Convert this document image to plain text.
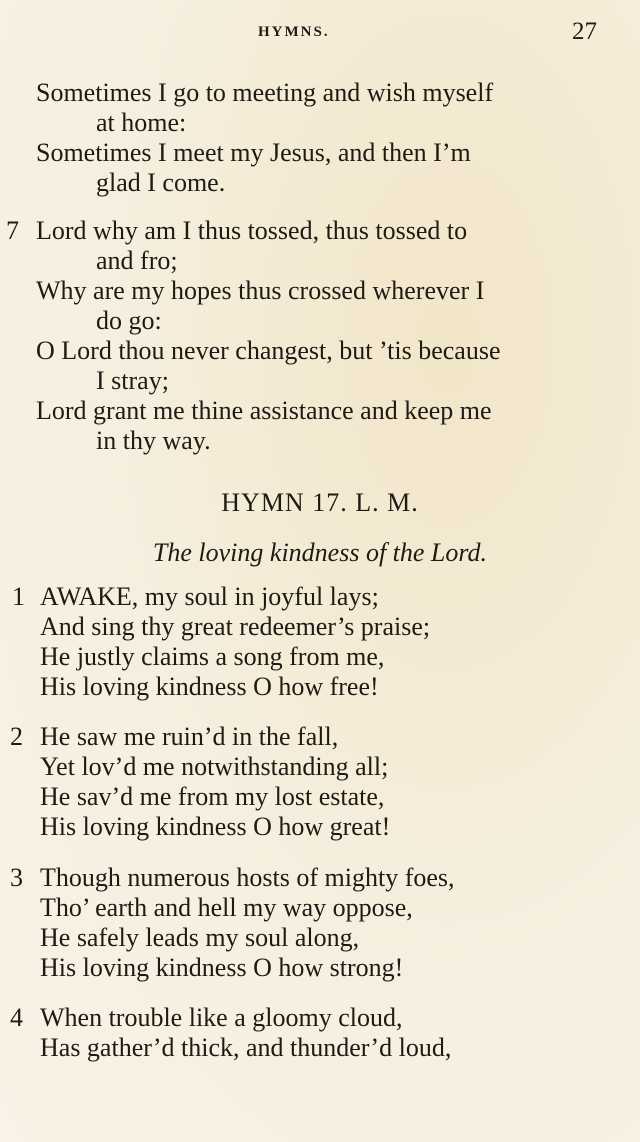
HYMNS.	27
Sometimes I go to meeting and wish myself
at home:
Sometimes I meet my Jesus, and then I’m
glad I come.
7 Lord why am I thus tossed, thus tossed to
and fro;
Why are my hopes thus crossed wherever I
do go:
O Lord thou never changest, but ’tis because
I stray;
Lord grant me thine assistance and keep me
in thy way.
HYMN 17. L. M.
The loving kindness of the Lord.
1 AWAKE, my soul in joyful lays;
And sing thy great redeemer’s praise;
He justly claims a song from me,
His loving kindness O how free!
2 He saw me ruin’d in the fall,
Yet lov’d me notwithstanding all;
He sav’d me from my lost estate,
His loving kindness O how great!
3 Though numerous hosts of mighty foes,
Tho’ earth and hell my way oppose,
He safely leads my soul along,
His loving kindness O how strong!
4 When trouble like a gloomy cloud,
Has gather’d thick, and thunder’d loud,
